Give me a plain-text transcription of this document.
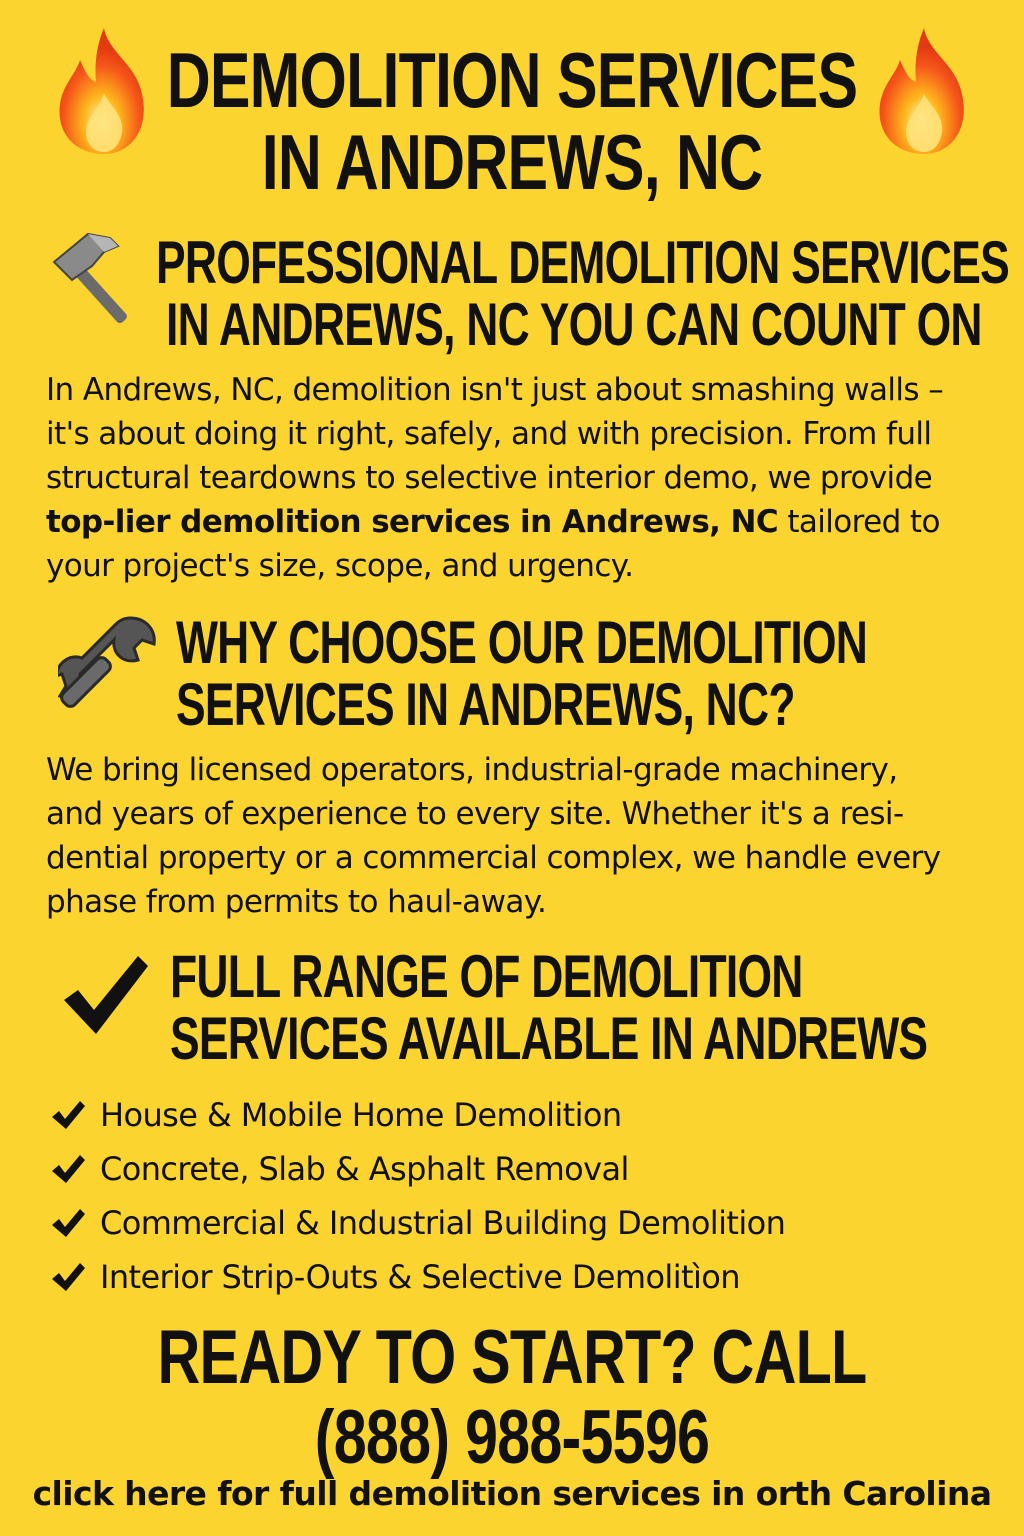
DEMOLITION SERVICES
IN ANDREWS, NC
PROFESSIONAL DEMOLITION SERVICES
IN ANDREWS, NC YOU CAN COUNT ON
In Andrews, NC, demolition isn't just about smashing walls –
it's about doing it right, safely, and with precision. From full
structural teardowns to selective interior demo, we provide
top-lier demolition services in Andrews, NC tailored to
your project's size, scope, and urgency.
WHY CHOOSE OUR DEMOLITION
SERVICES IN ANDREWS, NC?
We bring licensed operators, industrial-grade machinery,
and years of experience to every site. Whether it's a resi-
dential property or a commercial complex, we handle every
phase from permits to haul-away.
FULL RANGE OF DEMOLITION
SERVICES AVAILABLE IN ANDREWS
House & Mobile Home Demolition
Concrete, Slab & Asphalt Removal
Commercial & Industrial Building Demolition
Interior Strip-Outs & Selective Demolitìon
READY TO START? CALL
(888) 988-5596
click here for full demolition services in orth Carolina
